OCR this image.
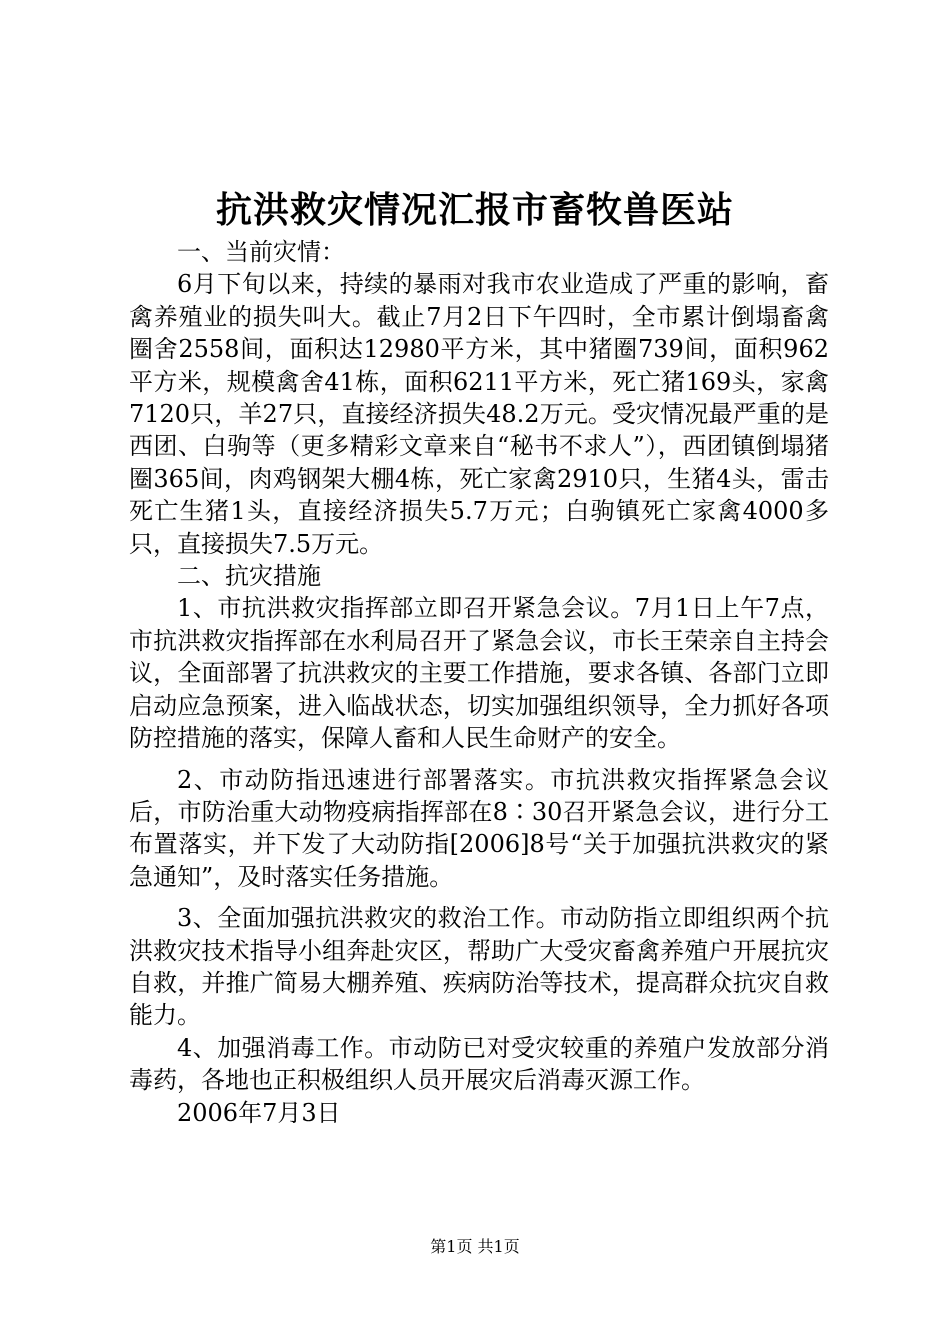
抗洪救灾情况汇报市畜牧兽医站

一、当前灾情：

6月下旬以来，持续的暴雨对我市农业造成了严重的影响，畜禽养殖业的损失叫大。截止7月2日下午四时，全市累计倒塌畜禽圈舍2558间，面积达12980平方米，其中猪圈739间，面积962平方米，规模禽舍41栋，面积6211平方米，死亡猪169头，家禽7120只，羊27只，直接经济损失48.2万元。受灾情况最严重的是西团、白驹等（更多精彩文章来自“秘书不求人”），西团镇倒塌猪圈365间，肉鸡钢架大棚4栋，死亡家禽2910只，生猪4头，雷击死亡生猪1头，直接经济损失5.7万元；白驹镇死亡家禽4000多只，直接损失7.5万元。

二、抗灾措施

1、市抗洪救灾指挥部立即召开紧急会议。7月1日上午7点，市抗洪救灾指挥部在水利局召开了紧急会议，市长王荣亲自主持会议，全面部署了抗洪救灾的主要工作措施，要求各镇、各部门立即启动应急预案，进入临战状态，切实加强组织领导，全力抓好各项防控措施的落实，保障人畜和人民生命财产的安全。

2、市动防指迅速进行部署落实。市抗洪救灾指挥紧急会议后，市防治重大动物疫病指挥部在8∶30召开紧急会议，进行分工布置落实，并下发了大动防指[2006]8号“关于加强抗洪救灾的紧急通知”，及时落实任务措施。

3、全面加强抗洪救灾的救治工作。市动防指立即组织两个抗洪救灾技术指导小组奔赴灾区，帮助广大受灾畜禽养殖户开展抗灾自救，并推广简易大棚养殖、疾病防治等技术，提高群众抗灾自救能力。

4、加强消毒工作。市动防已对受灾较重的养殖户发放部分消毒药，各地也正积极组织人员开展灾后消毒灭源工作。

2006年7月3日

第1页 共1页
